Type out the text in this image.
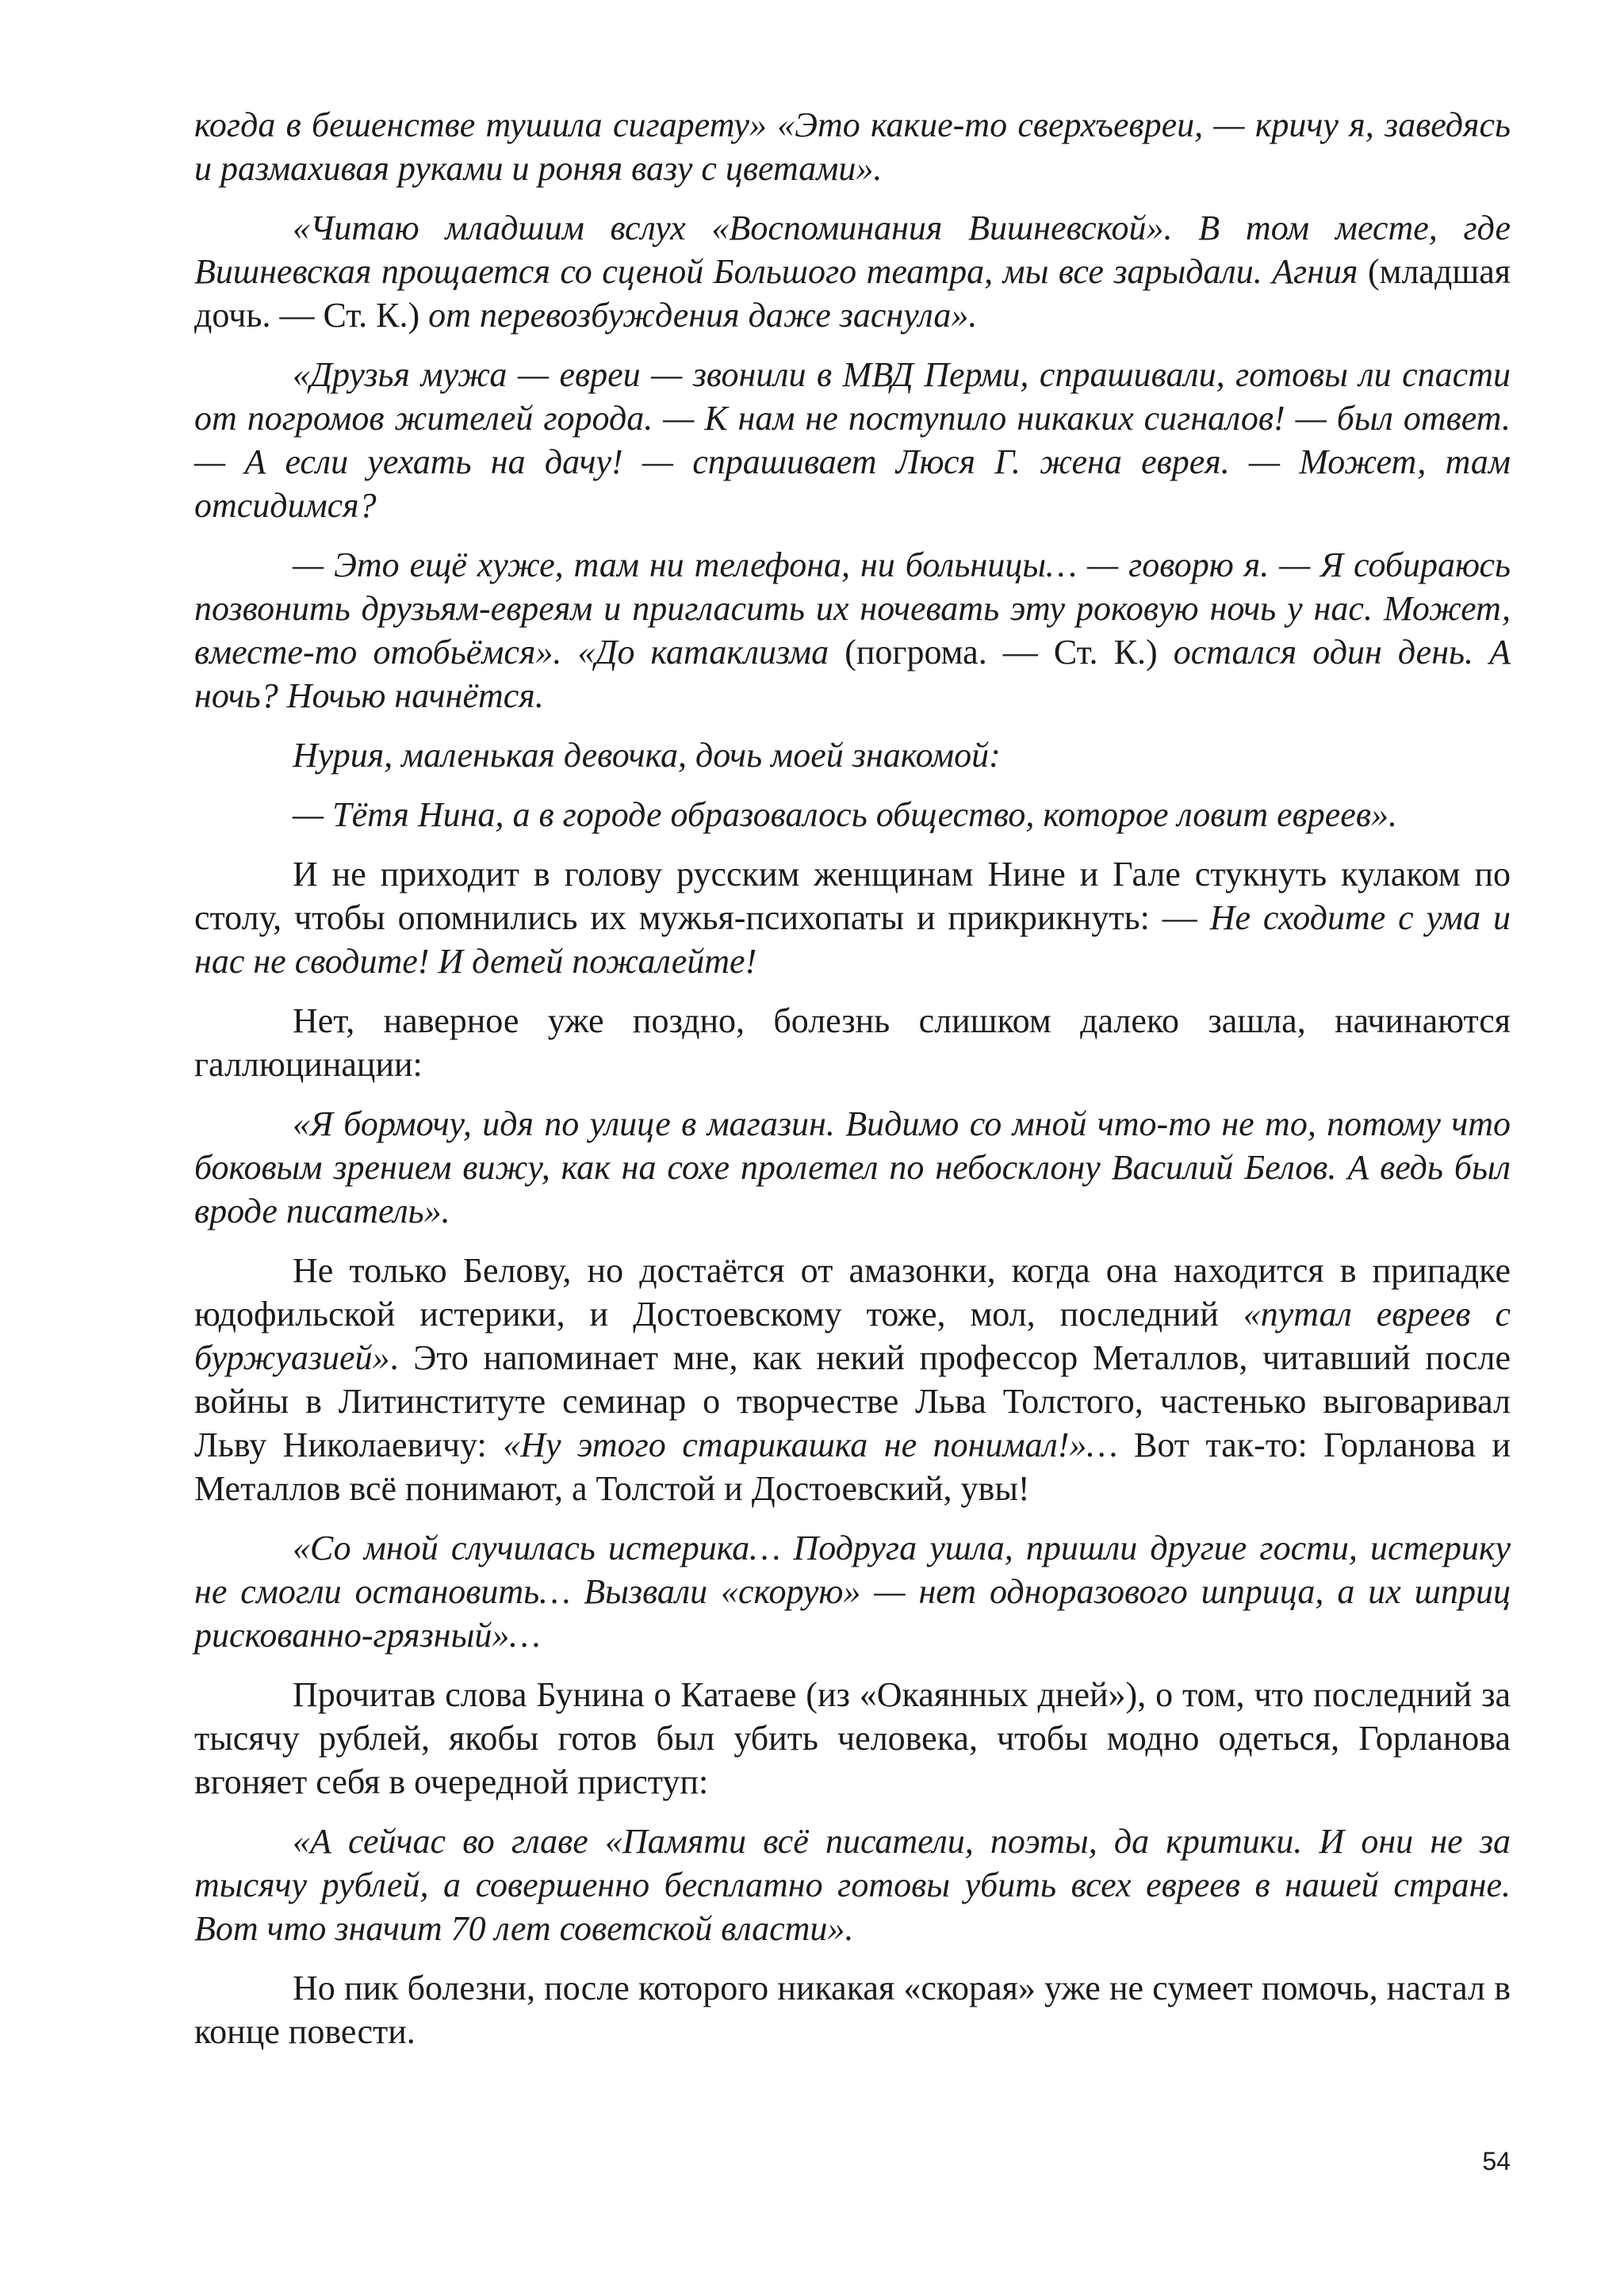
когда в бешенстве тушила сигарету» «Это какие-то сверхъевреи, — кричу я, заведясь и размахивая руками и роняя вазу с цветами».

«Читаю младшим вслух «Воспоминания Вишневской». В том месте, где Вишневская прощается со сценой Большого театра, мы все зарыдали. Агния (младшая дочь. — Ст. К.) от перевозбуждения даже заснула».

«Друзья мужа — евреи — звонили в МВД Перми, спрашивали, готовы ли спасти от погромов жителей города. — К нам не поступило никаких сигналов! — был ответ. — А если уехать на дачу! — спрашивает Люся Г. жена еврея. — Может, там отсидимся?

— Это ещё хуже, там ни телефона, ни больницы… — говорю я. — Я собираюсь позвонить друзьям-евреям и пригласить их ночевать эту роковую ночь у нас. Может, вместе-то отобьёмся». «До катаклизма (погрома. — Ст. К.) остался один день. А ночь? Ночью начнётся.

Нурия, маленькая девочка, дочь моей знакомой:

— Тётя Нина, а в городе образовалось общество, которое ловит евреев».

И не приходит в голову русским женщинам Нине и Гале стукнуть кулаком по столу, чтобы опомнились их мужья-психопаты и прикрикнуть: — Не сходите с ума и нас не сводите! И детей пожалейте!

Нет, наверное уже поздно, болезнь слишком далеко зашла, начинаются галлюцинации:

«Я бормочу, идя по улице в магазин. Видимо со мной что-то не то, потому что боковым зрением вижу, как на сохе пролетел по небосклону Василий Белов. А ведь был вроде писатель».

Не только Белову, но достаётся от амазонки, когда она находится в припадке юдофильской истерики, и Достоевскому тоже, мол, последний «путал евреев с буржуазией». Это напоминает мне, как некий профессор Металлов, читавший после войны в Литинституте семинар о творчестве Льва Толстого, частенько выговаривал Льву Николаевичу: «Ну этого старикашка не понимал!»… Вот так-то: Горланова и Металлов всё понимают, а Толстой и Достоевский, увы!

«Со мной случилась истерика… Подруга ушла, пришли другие гости, истерику не смогли остановить… Вызвали «скорую» — нет одноразового шприца, а их шприц рискованно-грязный»…

Прочитав слова Бунина о Катаеве (из «Окаянных дней»), о том, что последний за тысячу рублей, якобы готов был убить человека, чтобы модно одеться, Горланова вгоняет себя в очередной приступ:

«А сейчас во главе «Памяти всё писатели, поэты, да критики. И они не за тысячу рублей, а совершенно бесплатно готовы убить всех евреев в нашей стране. Вот что значит 70 лет советской власти».

Но пик болезни, после которого никакая «скорая» уже не сумеет помочь, настал в конце повести.

54
